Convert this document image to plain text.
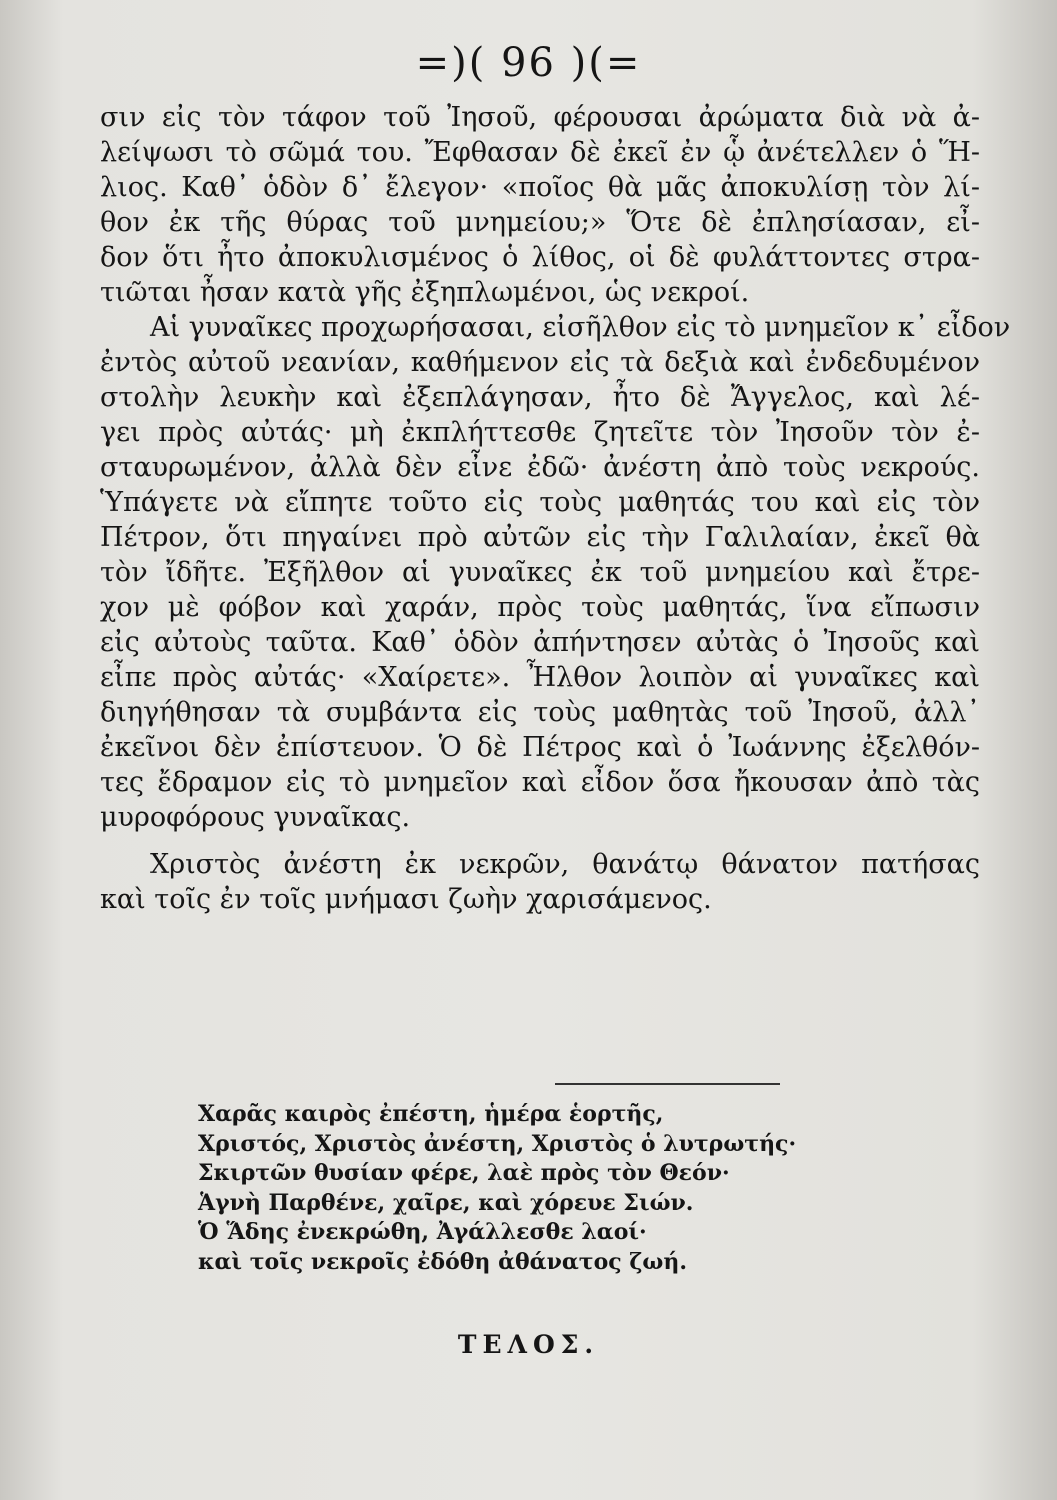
=)( 96 )(=
σιν εἰς τὸν τάφον τοῦ Ἰησοῦ, φέρουσαι ἀρώματα διὰ νὰ ἀ-
λείψωσι τὸ σῶμά του. Ἔφθασαν δὲ ἐκεῖ ἐν ᾧ ἀνέτελλεν ὁ Ἥ-
λιος. Καθ᾽ ὁδὸν δ᾽ ἔλεγον· «ποῖος θὰ μᾶς ἀποκυλίσῃ τὸν λί-
θον ἐκ τῆς θύρας τοῦ μνημείου;» Ὅτε δὲ ἐπλησίασαν, εἶ-
δον ὅτι ἦτο ἀποκυλισμένος ὁ λίθος, οἱ δὲ φυλάττοντες στρα-
τιῶται ἦσαν κατὰ γῆς ἐξηπλωμένοι, ὡς νεκροί.
Αἱ γυναῖκες προχωρήσασαι, εἰσῆλθον εἰς τὸ μνημεῖον κ᾽ εἶδον
ἐντὸς αὐτοῦ νεανίαν, καθήμενον εἰς τὰ δεξιὰ καὶ ἐνδεδυμένον
στολὴν λευκὴν καὶ ἐξεπλάγησαν, ἦτο δὲ Ἄγγελος, καὶ λέ-
γει πρὸς αὐτάς· μὴ ἐκπλήττεσθε ζητεῖτε τὸν Ἰησοῦν τὸν ἐ-
σταυρωμένον, ἀλλὰ δὲν εἶνε ἐδῶ· ἀνέστη ἀπὸ τοὺς νεκρούς.
Ὑπάγετε νὰ εἴπητε τοῦτο εἰς τοὺς μαθητάς του καὶ εἰς τὸν
Πέτρον, ὅτι πηγαίνει πρὸ αὐτῶν εἰς τὴν Γαλιλαίαν, ἐκεῖ θὰ
τὸν ἴδῆτε. Ἐξῆλθον αἱ γυναῖκες ἐκ τοῦ μνημείου καὶ ἔτρε-
χον μὲ φόβον καὶ χαράν, πρὸς τοὺς μαθητάς, ἵνα εἴπωσιν
εἰς αὐτοὺς ταῦτα. Καθ᾽ ὁδὸν ἀπήντησεν αὐτὰς ὁ Ἰησοῦς καὶ
εἶπε πρὸς αὐτάς· «Χαίρετε». Ἦλθον λοιπὸν αἱ γυναῖκες καὶ
διηγήθησαν τὰ συμβάντα εἰς τοὺς μαθητὰς τοῦ Ἰησοῦ, ἀλλ᾽
ἐκεῖνοι δὲν ἐπίστευον. Ὁ δὲ Πέτρος καὶ ὁ Ἰωάννης ἐξελθόν-
τες ἔδραμον εἰς τὸ μνημεῖον καὶ εἶδον ὅσα ἤκουσαν ἀπὸ τὰς
μυροφόρους γυναῖκας.
Χριστὸς ἀνέστη ἐκ νεκρῶν, θανάτῳ θάνατον πατήσας
καὶ τοῖς ἐν τοῖς μνήμασι ζωὴν χαρισάμενος.
Χαρᾶς καιρὸς ἐπέστη, ἡμέρα ἑορτῆς,
Χριστός, Χριστὸς ἀνέστη, Χριστὸς ὁ λυτρωτής·
Σκιρτῶν θυσίαν φέρε, λαὲ πρὸς τὸν Θεόν·
Ἁγνὴ Παρθένε, χαῖρε, καὶ χόρευε Σιών.
Ὁ Ἅδης ἐνεκρώθη, Ἀγάλλεσθε λαοί·
καὶ τοῖς νεκροῖς ἐδόθη ἀθάνατος ζωή.
ΤΕΛΟΣ.
